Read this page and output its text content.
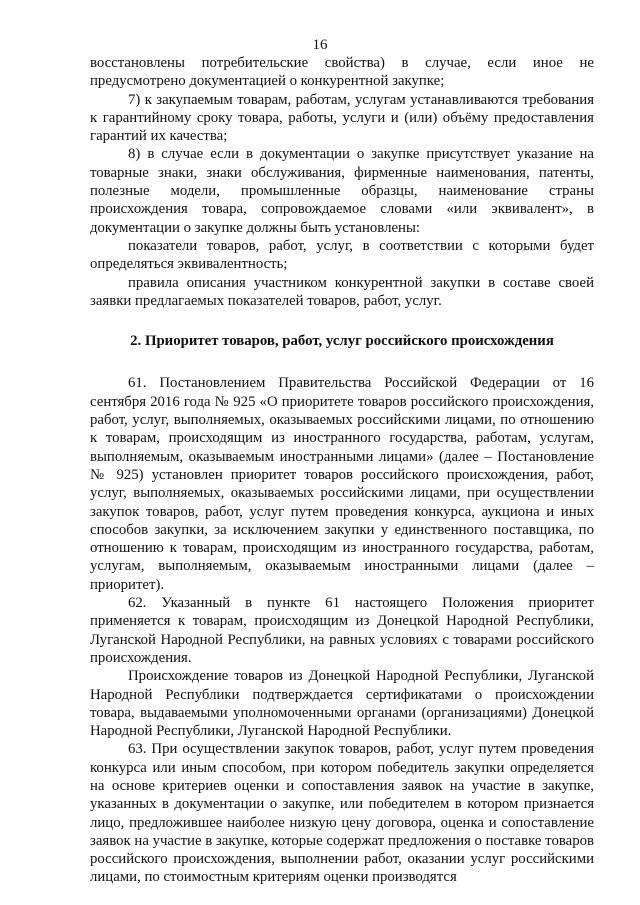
16

восстановлены потребительские свойства) в случае, если иное не предусмотрено документацией о конкурентной закупке;

7) к закупаемым товарам, работам, услугам устанавливаются требования к гарантийному сроку товара, работы, услуги и (или) объёму предоставления гарантий их качества;

8) в случае если в документации о закупке присутствует указание на товарные знаки, знаки обслуживания, фирменные наименования, патенты, полезные модели, промышленные образцы, наименование страны происхождения товара, сопровождаемое словами «или эквивалент», в документации о закупке должны быть установлены:

показатели товаров, работ, услуг, в соответствии с которыми будет определяться эквивалентность;

правила описания участником конкурентной закупки в составе своей заявки предлагаемых показателей товаров, работ, услуг.

2. Приоритет товаров, работ, услуг российского происхождения

61. Постановлением Правительства Российской Федерации от 16 сентября 2016 года № 925 «О приоритете товаров российского происхождения, работ, услуг, выполняемых, оказываемых российскими лицами, по отношению к товарам, происходящим из иностранного государства, работам, услугам, выполняемым, оказываемым иностранными лицами» (далее – Постановление № 925) установлен приоритет товаров российского происхождения, работ, услуг, выполняемых, оказываемых российскими лицами, при осуществлении закупок товаров, работ, услуг путем проведения конкурса, аукциона и иных способов закупки, за исключением закупки у единственного поставщика, по отношению к товарам, происходящим из иностранного государства, работам, услугам, выполняемым, оказываемым иностранными лицами (далее – приоритет).

62. Указанный в пункте 61 настоящего Положения приоритет применяется к товарам, происходящим из Донецкой Народной Республики, Луганской Народной Республики, на равных условиях с товарами российского происхождения.

Происхождение товаров из Донецкой Народной Республики, Луганской Народной Республики подтверждается сертификатами о происхождении товара, выдаваемыми уполномоченными органами (организациями) Донецкой Народной Республики, Луганской Народной Республики.

63. При осуществлении закупок товаров, работ, услуг путем проведения конкурса или иным способом, при котором победитель закупки определяется на основе критериев оценки и сопоставления заявок на участие в закупке, указанных в документации о закупке, или победителем в котором признается лицо, предложившее наиболее низкую цену договора, оценка и сопоставление заявок на участие в закупке, которые содержат предложения о поставке товаров российского происхождения, выполнении работ, оказании услуг российскими лицами, по стоимостным критериям оценки производятся
